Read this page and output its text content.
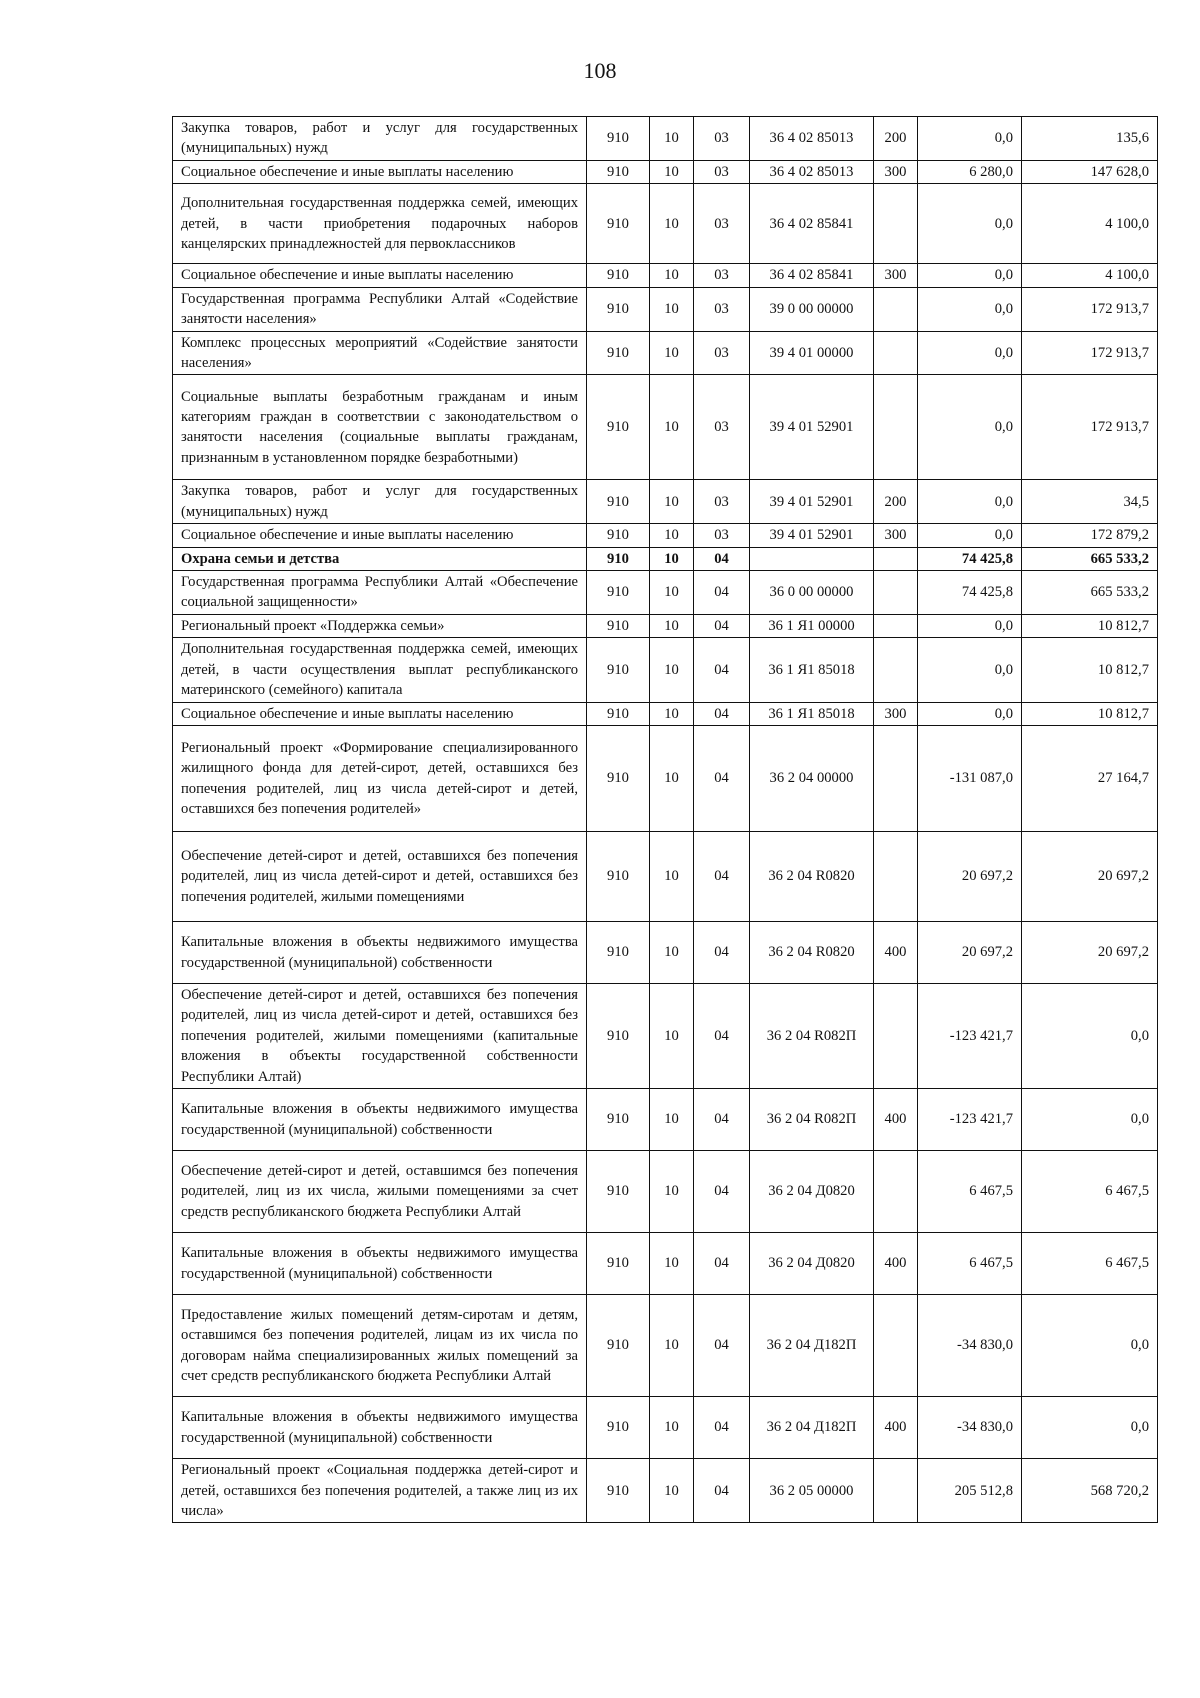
108
Закупка товаров, работ и услуг для государственных (муниципальных) нужд	910	10	03	36 4 02 85013	200	0,0	135,6
Социальное обеспечение и иные выплаты населению	910	10	03	36 4 02 85013	300	6 280,0	147 628,0
Дополнительная государственная поддержка семей, имеющих детей, в части приобретения подарочных наборов канцелярских принадлежностей для первоклассников	910	10	03	36 4 02 85841		0,0	4 100,0
Социальное обеспечение и иные выплаты населению	910	10	03	36 4 02 85841	300	0,0	4 100,0
Государственная программа Республики Алтай «Содействие занятости населения»	910	10	03	39 0 00 00000		0,0	172 913,7
Комплекс процессных мероприятий «Содействие занятости населения»	910	10	03	39 4 01 00000		0,0	172 913,7
Социальные выплаты безработным гражданам и иным категориям граждан в соответствии с законодательством о занятости населения (социальные выплаты гражданам, признанным в установленном порядке безработными)	910	10	03	39 4 01 52901		0,0	172 913,7
Закупка товаров, работ и услуг для государственных (муниципальных) нужд	910	10	03	39 4 01 52901	200	0,0	34,5
Социальное обеспечение и иные выплаты населению	910	10	03	39 4 01 52901	300	0,0	172 879,2
Охрана семьи и детства	910	10	04			74 425,8	665 533,2
Государственная программа Республики Алтай «Обеспечение социальной защищенности»	910	10	04	36 0 00 00000		74 425,8	665 533,2
Региональный проект «Поддержка семьи»	910	10	04	36 1 Я1 00000		0,0	10 812,7
Дополнительная государственная поддержка семей, имеющих детей, в части осуществления выплат республиканского материнского (семейного) капитала	910	10	04	36 1 Я1 85018		0,0	10 812,7
Социальное обеспечение и иные выплаты населению	910	10	04	36 1 Я1 85018	300	0,0	10 812,7
Региональный проект «Формирование специализированного жилищного фонда для детей-сирот, детей, оставшихся без попечения родителей, лиц из числа детей-сирот и детей, оставшихся без попечения родителей»	910	10	04	36 2 04 00000		-131 087,0	27 164,7
Обеспечение детей-сирот и детей, оставшихся без попечения родителей, лиц из числа детей-сирот и детей, оставшихся без попечения родителей, жилыми помещениями	910	10	04	36 2 04 R0820		20 697,2	20 697,2
Капитальные вложения в объекты недвижимого имущества государственной (муниципальной) собственности	910	10	04	36 2 04 R0820	400	20 697,2	20 697,2
Обеспечение детей-сирот и детей, оставшихся без попечения родителей, лиц из числа детей-сирот и детей, оставшихся без попечения родителей, жилыми помещениями (капитальные вложения в объекты государственной собственности Республики Алтай)	910	10	04	36 2 04 R082П		-123 421,7	0,0
Капитальные вложения в объекты недвижимого имущества государственной (муниципальной) собственности	910	10	04	36 2 04 R082П	400	-123 421,7	0,0
Обеспечение детей-сирот и детей, оставшимся без попечения родителей, лиц из их числа, жилыми помещениями за счет средств республиканского бюджета Республики Алтай	910	10	04	36 2 04 Д0820		6 467,5	6 467,5
Капитальные вложения в объекты недвижимого имущества государственной (муниципальной) собственности	910	10	04	36 2 04 Д0820	400	6 467,5	6 467,5
Предоставление жилых помещений детям-сиротам и детям, оставшимся без попечения родителей, лицам из их числа по договорам найма специализированных жилых помещений за счет средств республиканского бюджета Республики Алтай	910	10	04	36 2 04 Д182П		-34 830,0	0,0
Капитальные вложения в объекты недвижимого имущества государственной (муниципальной) собственности	910	10	04	36 2 04 Д182П	400	-34 830,0	0,0
Региональный проект «Социальная поддержка детей-сирот и детей, оставшихся без попечения родителей, а также лиц из их числа»	910	10	04	36 2 05 00000		205 512,8	568 720,2
